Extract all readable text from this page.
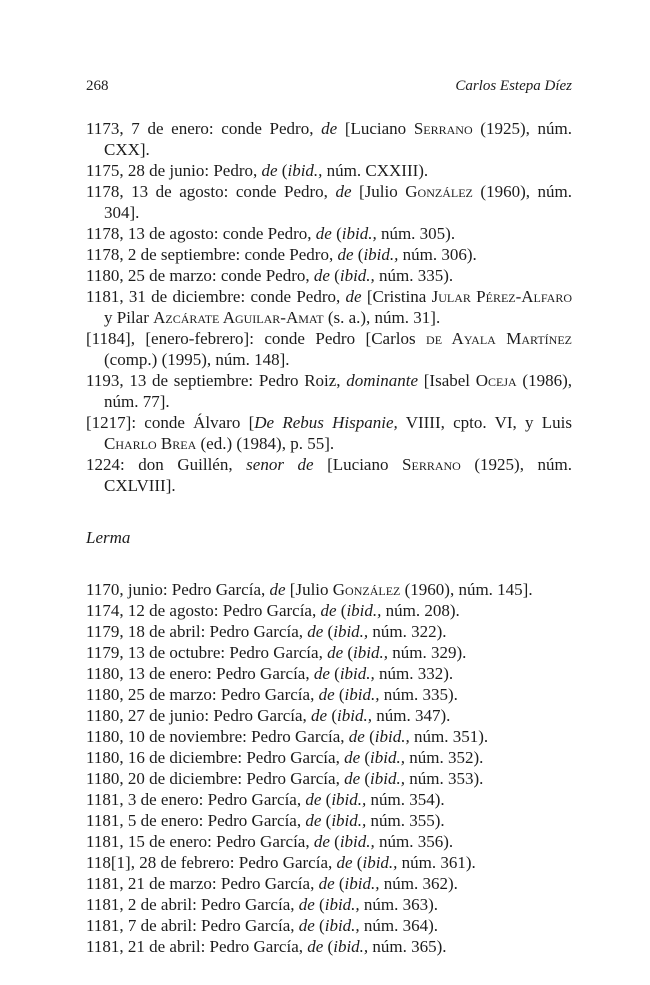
268	Carlos Estepa Díez

1173, 7 de enero: conde Pedro, de [Luciano Serrano (1925), núm. CXX].

1175, 28 de junio: Pedro, de (ibid., núm. CXXIII).

1178, 13 de agosto: conde Pedro, de [Julio González (1960), núm. 304].

1178, 13 de agosto: conde Pedro, de (ibid., núm. 305).

1178, 2 de septiembre: conde Pedro, de (ibid., núm. 306).

1180, 25 de marzo: conde Pedro, de (ibid., núm. 335).

1181, 31 de diciembre: conde Pedro, de [Cristina Jular Pérez-Alfaro y Pilar Azcárate Aguilar-Amat (s. a.), núm. 31].

[1184], [enero-febrero]: conde Pedro [Carlos de Ayala Martínez (comp.) (1995), núm. 148].

1193, 13 de septiembre: Pedro Roiz, dominante [Isabel Oceja (1986), núm. 77].

[1217]: conde Álvaro [De Rebus Hispanie, VIIII, cpto. VI, y Luis Charlo Brea (ed.) (1984), p. 55].

1224: don Guillén, senor de [Luciano Serrano (1925), núm. CXLVIII].

Lerma

1170, junio: Pedro García, de [Julio González (1960), núm. 145].

1174, 12 de agosto: Pedro García, de (ibid., núm. 208).

1179, 18 de abril: Pedro García, de (ibid., núm. 322).

1179, 13 de octubre: Pedro García, de (ibid., núm. 329).

1180, 13 de enero: Pedro García, de (ibid., núm. 332).

1180, 25 de marzo: Pedro García, de (ibid., núm. 335).

1180, 27 de junio: Pedro García, de (ibid., núm. 347).

1180, 10 de noviembre: Pedro García, de (ibid., núm. 351).

1180, 16 de diciembre: Pedro García, de (ibid., núm. 352).

1180, 20 de diciembre: Pedro García, de (ibid., núm. 353).

1181, 3 de enero: Pedro García, de (ibid., núm. 354).

1181, 5 de enero: Pedro García, de (ibid., núm. 355).

1181, 15 de enero: Pedro García, de (ibid., núm. 356).

118[1], 28 de febrero: Pedro García, de (ibid., núm. 361).

1181, 21 de marzo: Pedro García, de (ibid., núm. 362).

1181, 2 de abril: Pedro García, de (ibid., núm. 363).

1181, 7 de abril: Pedro García, de (ibid., núm. 364).

1181, 21 de abril: Pedro García, de (ibid., núm. 365).
